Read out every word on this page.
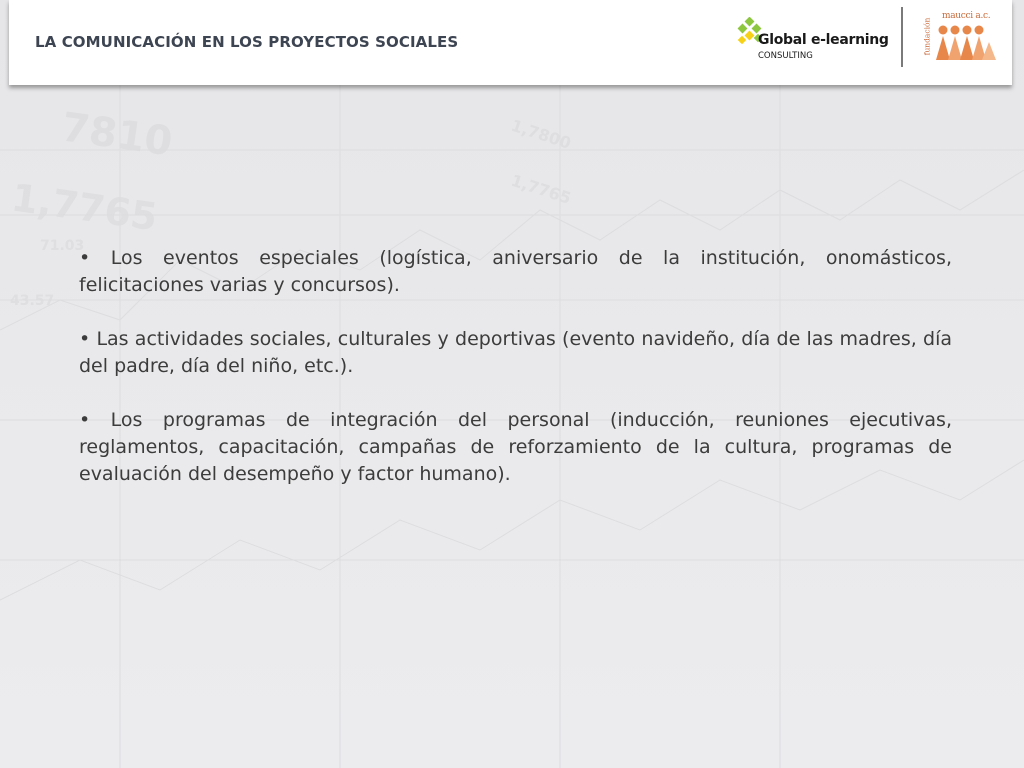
7810
1,7765
1,7800
1,7765
71.03
43.57
LA COMUNICACIÓN EN LOS PROYECTOS SOCIALES	Global e-learning
CONSULTING
fundación
maucci a.c.

• Los eventos especiales (logística, aniversario de la institución, onomásticos, felicitaciones varias y concursos).

• Las actividades sociales, culturales y deportivas (evento navideño, día de las madres, día del padre, día del niño, etc.).

• Los programas de integración del personal (inducción, reuniones ejecutivas, reglamentos, capacitación, campañas de reforzamiento de la cultura, programas de evaluación del desempeño y factor humano).
